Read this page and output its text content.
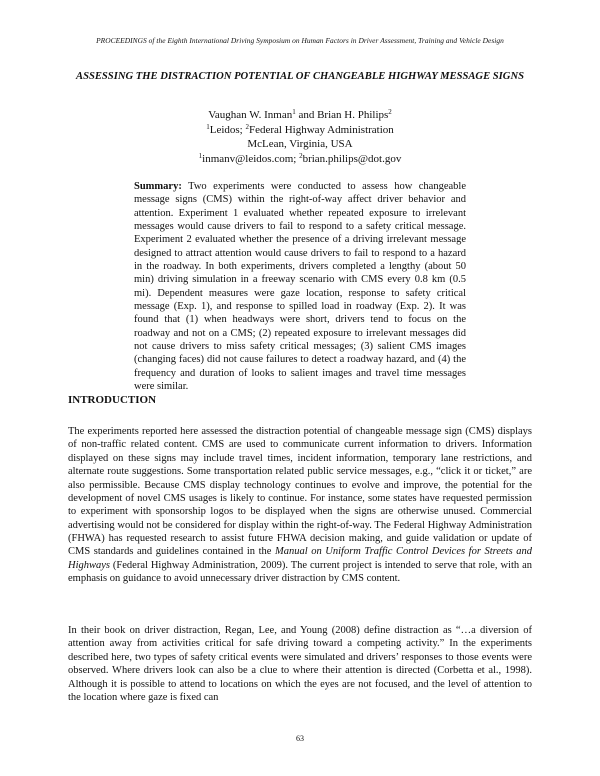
PROCEEDINGS of the Eighth International Driving Symposium on Human Factors in Driver Assessment, Training and Vehicle Design
ASSESSING THE DISTRACTION POTENTIAL OF CHANGEABLE HIGHWAY MESSAGE SIGNS
Vaughan W. Inman$^1$ and Brian H. Philips$^2$
$^1$Leidos; $^2$Federal Highway Administration
McLean, Virginia, USA
$^1$inmanv@leidos.com; $^2$brian.philips@dot.gov
Summary: Two experiments were conducted to assess how changeable message signs (CMS) within the right-of-way affect driver behavior and attention. Experiment 1 evaluated whether repeated exposure to irrelevant messages would cause drivers to fail to respond to a safety critical message. Experiment 2 evaluated whether the presence of a driving irrelevant message designed to attract attention would cause drivers to fail to respond to a hazard in the roadway. In both experiments, drivers completed a lengthy (about 50 min) driving simulation in a freeway scenario with CMS every 0.8 km (0.5 mi). Dependent measures were gaze location, response to safety critical message (Exp. 1), and response to spilled load in roadway (Exp. 2). It was found that (1) when headways were short, drivers tend to focus on the roadway and not on a CMS; (2) repeated exposure to irrelevant messages did not cause drivers to miss safety critical messages; (3) salient CMS images (changing faces) did not cause failures to detect a roadway hazard, and (4) the frequency and duration of looks to salient images and travel time messages were similar.
INTRODUCTION
The experiments reported here assessed the distraction potential of changeable message sign (CMS) displays of non-traffic related content. CMS are used to communicate current information to drivers. Information displayed on these signs may include travel times, incident information, temporary lane restrictions, and alternate route suggestions. Some transportation related public service messages, e.g., “click it or ticket,” are also permissible. Because CMS display technology continues to evolve and improve, the potential for the development of novel CMS usages is likely to continue. For instance, some states have requested permission to experiment with sponsorship logos to be displayed when the signs are otherwise unused. Commercial advertising would not be considered for display within the right-of-way. The Federal Highway Administration (FHWA) has requested research to assist future FHWA decision making, and guide validation or update of CMS standards and guidelines contained in the Manual on Uniform Traffic Control Devices for Streets and Highways (Federal Highway Administration, 2009). The current project is intended to serve that role, with an emphasis on guidance to avoid unnecessary driver distraction by CMS content.
In their book on driver distraction, Regan, Lee, and Young (2008) define distraction as “…a diversion of attention away from activities critical for safe driving toward a competing activity.” In the experiments described here, two types of safety critical events were simulated and drivers’ responses to those events were observed. Where drivers look can also be a clue to where their attention is directed (Corbetta et al., 1998). Although it is possible to attend to locations on which the eyes are not focused, and the level of attention to the location where gaze is fixed can
63
